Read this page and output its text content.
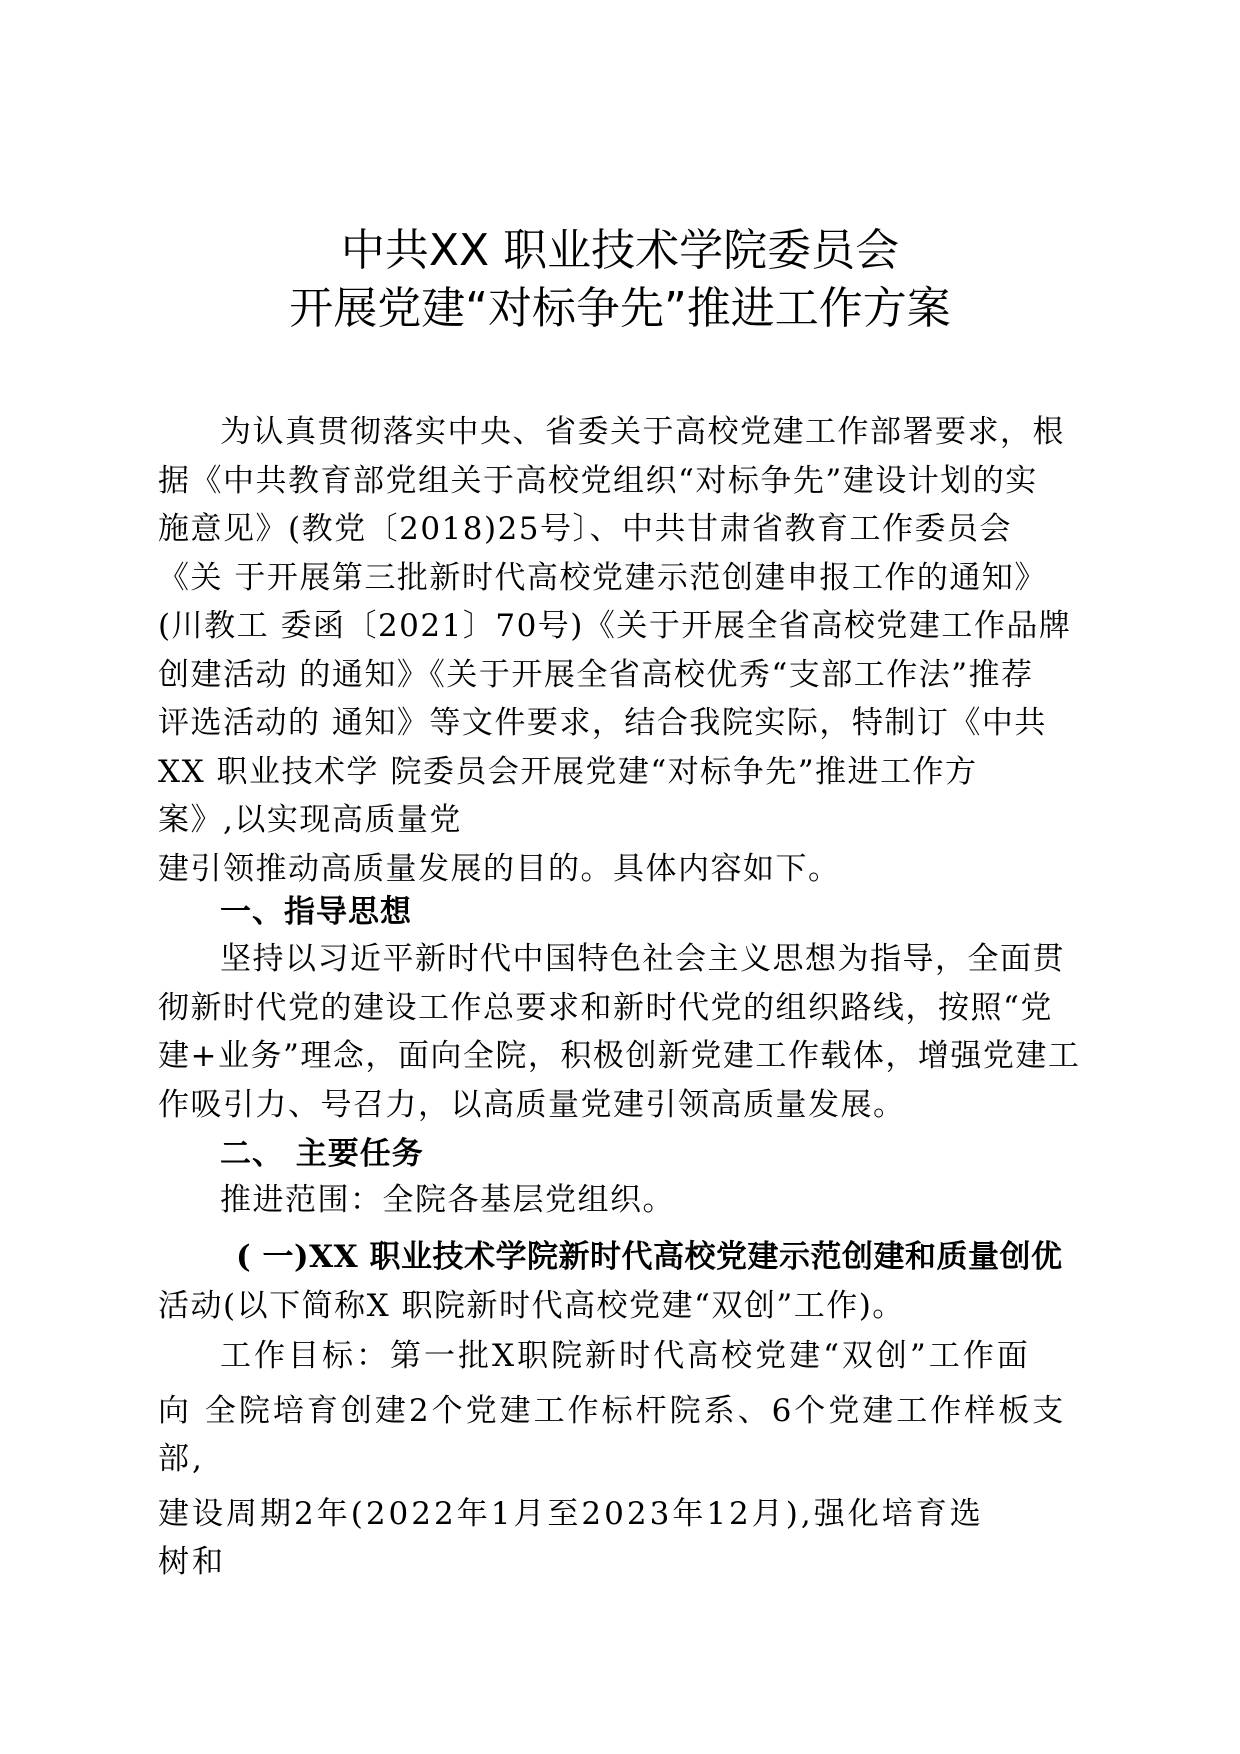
中共XX 职业技术学院委员会
开展党建“对标争先”推进工作方案
为认真贯彻落实中央、省委关于高校党建工作部署要求，根
据《中共教育部党组关于高校党组织“对标争先”建设计划的实
施意见》(教党〔2018)25号〕、中共甘肃省教育工作委员会
《关 于开展第三批新时代高校党建示范创建申报工作的通知》
(川教工 委函〔2021〕70号)《关于开展全省高校党建工作品牌
创建活动 的通知》《关于开展全省高校优秀“支部工作法”推荐
评选活动的 通知》等文件要求，结合我院实际，特制订《中共
XX 职业技术学 院委员会开展党建“对标争先”推进工作方
案》,以实现高质量党
建引领推动高质量发展的目的。具体内容如下。
一、指导思想
坚持以习近平新时代中国特色社会主义思想为指导，全面贯
彻新时代党的建设工作总要求和新时代党的组织路线，按照“党
建+业务”理念，面向全院，积极创新党建工作载体，增强党建工
作吸引力、号召力，以高质量党建引领高质量发展。
二、 主要任务
推进范围：全院各基层党组织。
( 一)XX 职业技术学院新时代高校党建示范创建和质量创优
活动(以下简称X 职院新时代高校党建“双创”工作)。
工作目标：第一批X职院新时代高校党建“双创”工作面
向 全院培育创建2个党建工作标杆院系、6个党建工作样板支
部,
建设周期2年(2022年1月至2023年12月),强化培育选
树和
